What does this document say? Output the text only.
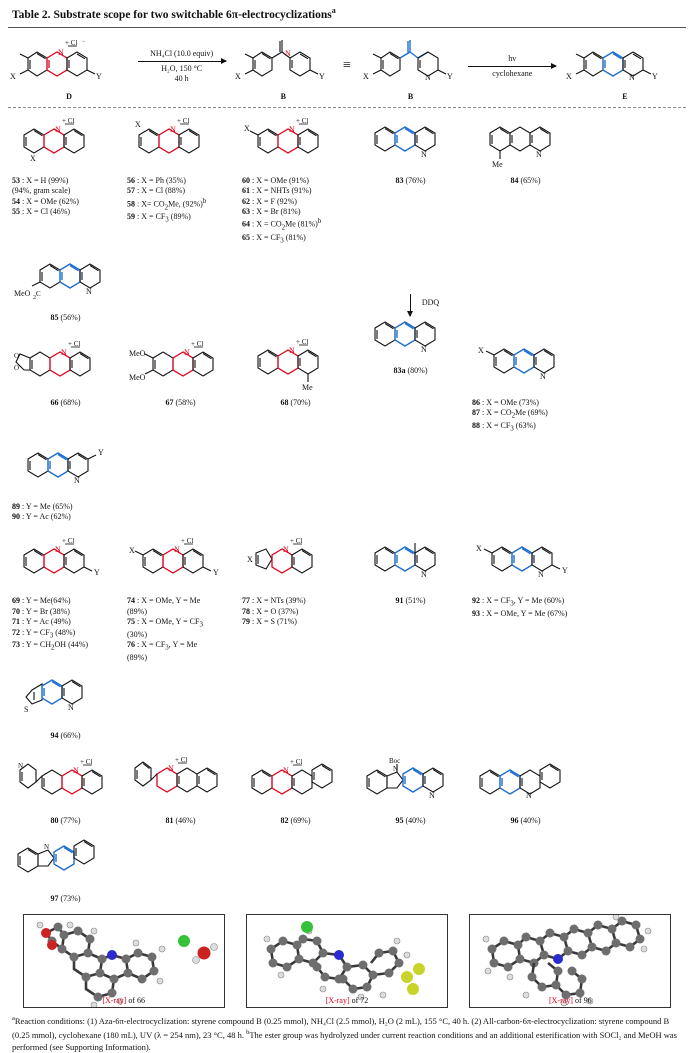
Table 2. Substrate scope for two switchable 6π-electrocyclizations$^a$
N
+ Cl −
X	Y
D
NH₄Cl (10.0 equiv)
H₂O, 150 °C
40 h
N
X	Y
B
≡
N
X	Y
B
hv
cyclohexane	N
X	Y
E
N
+ Cl
X
53 : X = H (99%)
(94%, gram scale)
54 : X = OMe (62%)
55 : X = Cl (46%)
N
+ Cl
X
56 : X = Ph (35%)
57 : X = Cl (88%)
58 : $X= CO_2Me$, $(92\%)^b$
59 : $X = CF_3$ (89%)
N
+ Cl
X
60 : X = OMe (91%)
61 : X = NHTs (91%)
62 : X = F (92%)
63 : X = Br (81%)
64 : $X = CO_2Me$ $(81\%)^b$
65 : $X = CF_3$ (81%)
N
83 (76%)
N
Me
84 (65%)
N
MeO C
2
85 (56%)
N
+ Cl
O
O
66 (68%)
N
+ Cl
MeO
MeO
67 (58%)
N
+ Cl
Me
68 (70%)
DDQ
N
83a (80%)
N
X
86 : X = OMe (73%)
87 : $X = CO_2Me$ (69%)
88 : $X = CF_3$ (63%)
N
Y
89 : Y = Me (65%)
90 : Y = Ac (62%)
N
+ Cl
Y
69 : Y = Me(64%)
70 : Y = Br (38%)
71 : Y = Ac (49%)
72 : $Y = CF_3$ (48%)
73 : $Y = CH_2OH$ (44%)
N
+ Cl
X
Y
74 : X = OMe, Y = Me
(89%)
75 : X = OMe, $Y = CF_3$
(30%)
76 : $X = CF_3$, Y = Me
(89%)
N
+ Cl
X
77 : X = NTs (39%)
78 : X = O (37%)
79 : X = S (71%)
N
91 (51%)
N
X
Y
92 : $X = CF_3$, Y = Me (60%)
93 : X = OMe, Y = Me (67%)
N
S
94 (66%)
N	N
+ Cl
80 (77%)
N
+ Cl
81 (46%)
N
+ Cl
82 (69%)
N
Boc
N
95 (40%)
N
96 (40%)
N
97 (73%)
[X-ray] of 66	[X-ray] of 72	[X-ray] of 96
$^a$Reaction conditions: (1) Aza-6π-electrocyclization: styrene compound B (0.25 mmol), NH₄Cl (2.5 mmol), H₂O (2 mL), 155 °C, 40 h. (2) All-carbon-6π-electrocyclization: styrene compound B (0.25 mmol), cyclohexane (180 mL), UV (λ = 254 nm), 23 °C, 48 h. $^b$The ester group was hydrolyzed under current reaction conditions and an additional esterification with SOCl₂ and MeOH was performed (see Supporting Information).
